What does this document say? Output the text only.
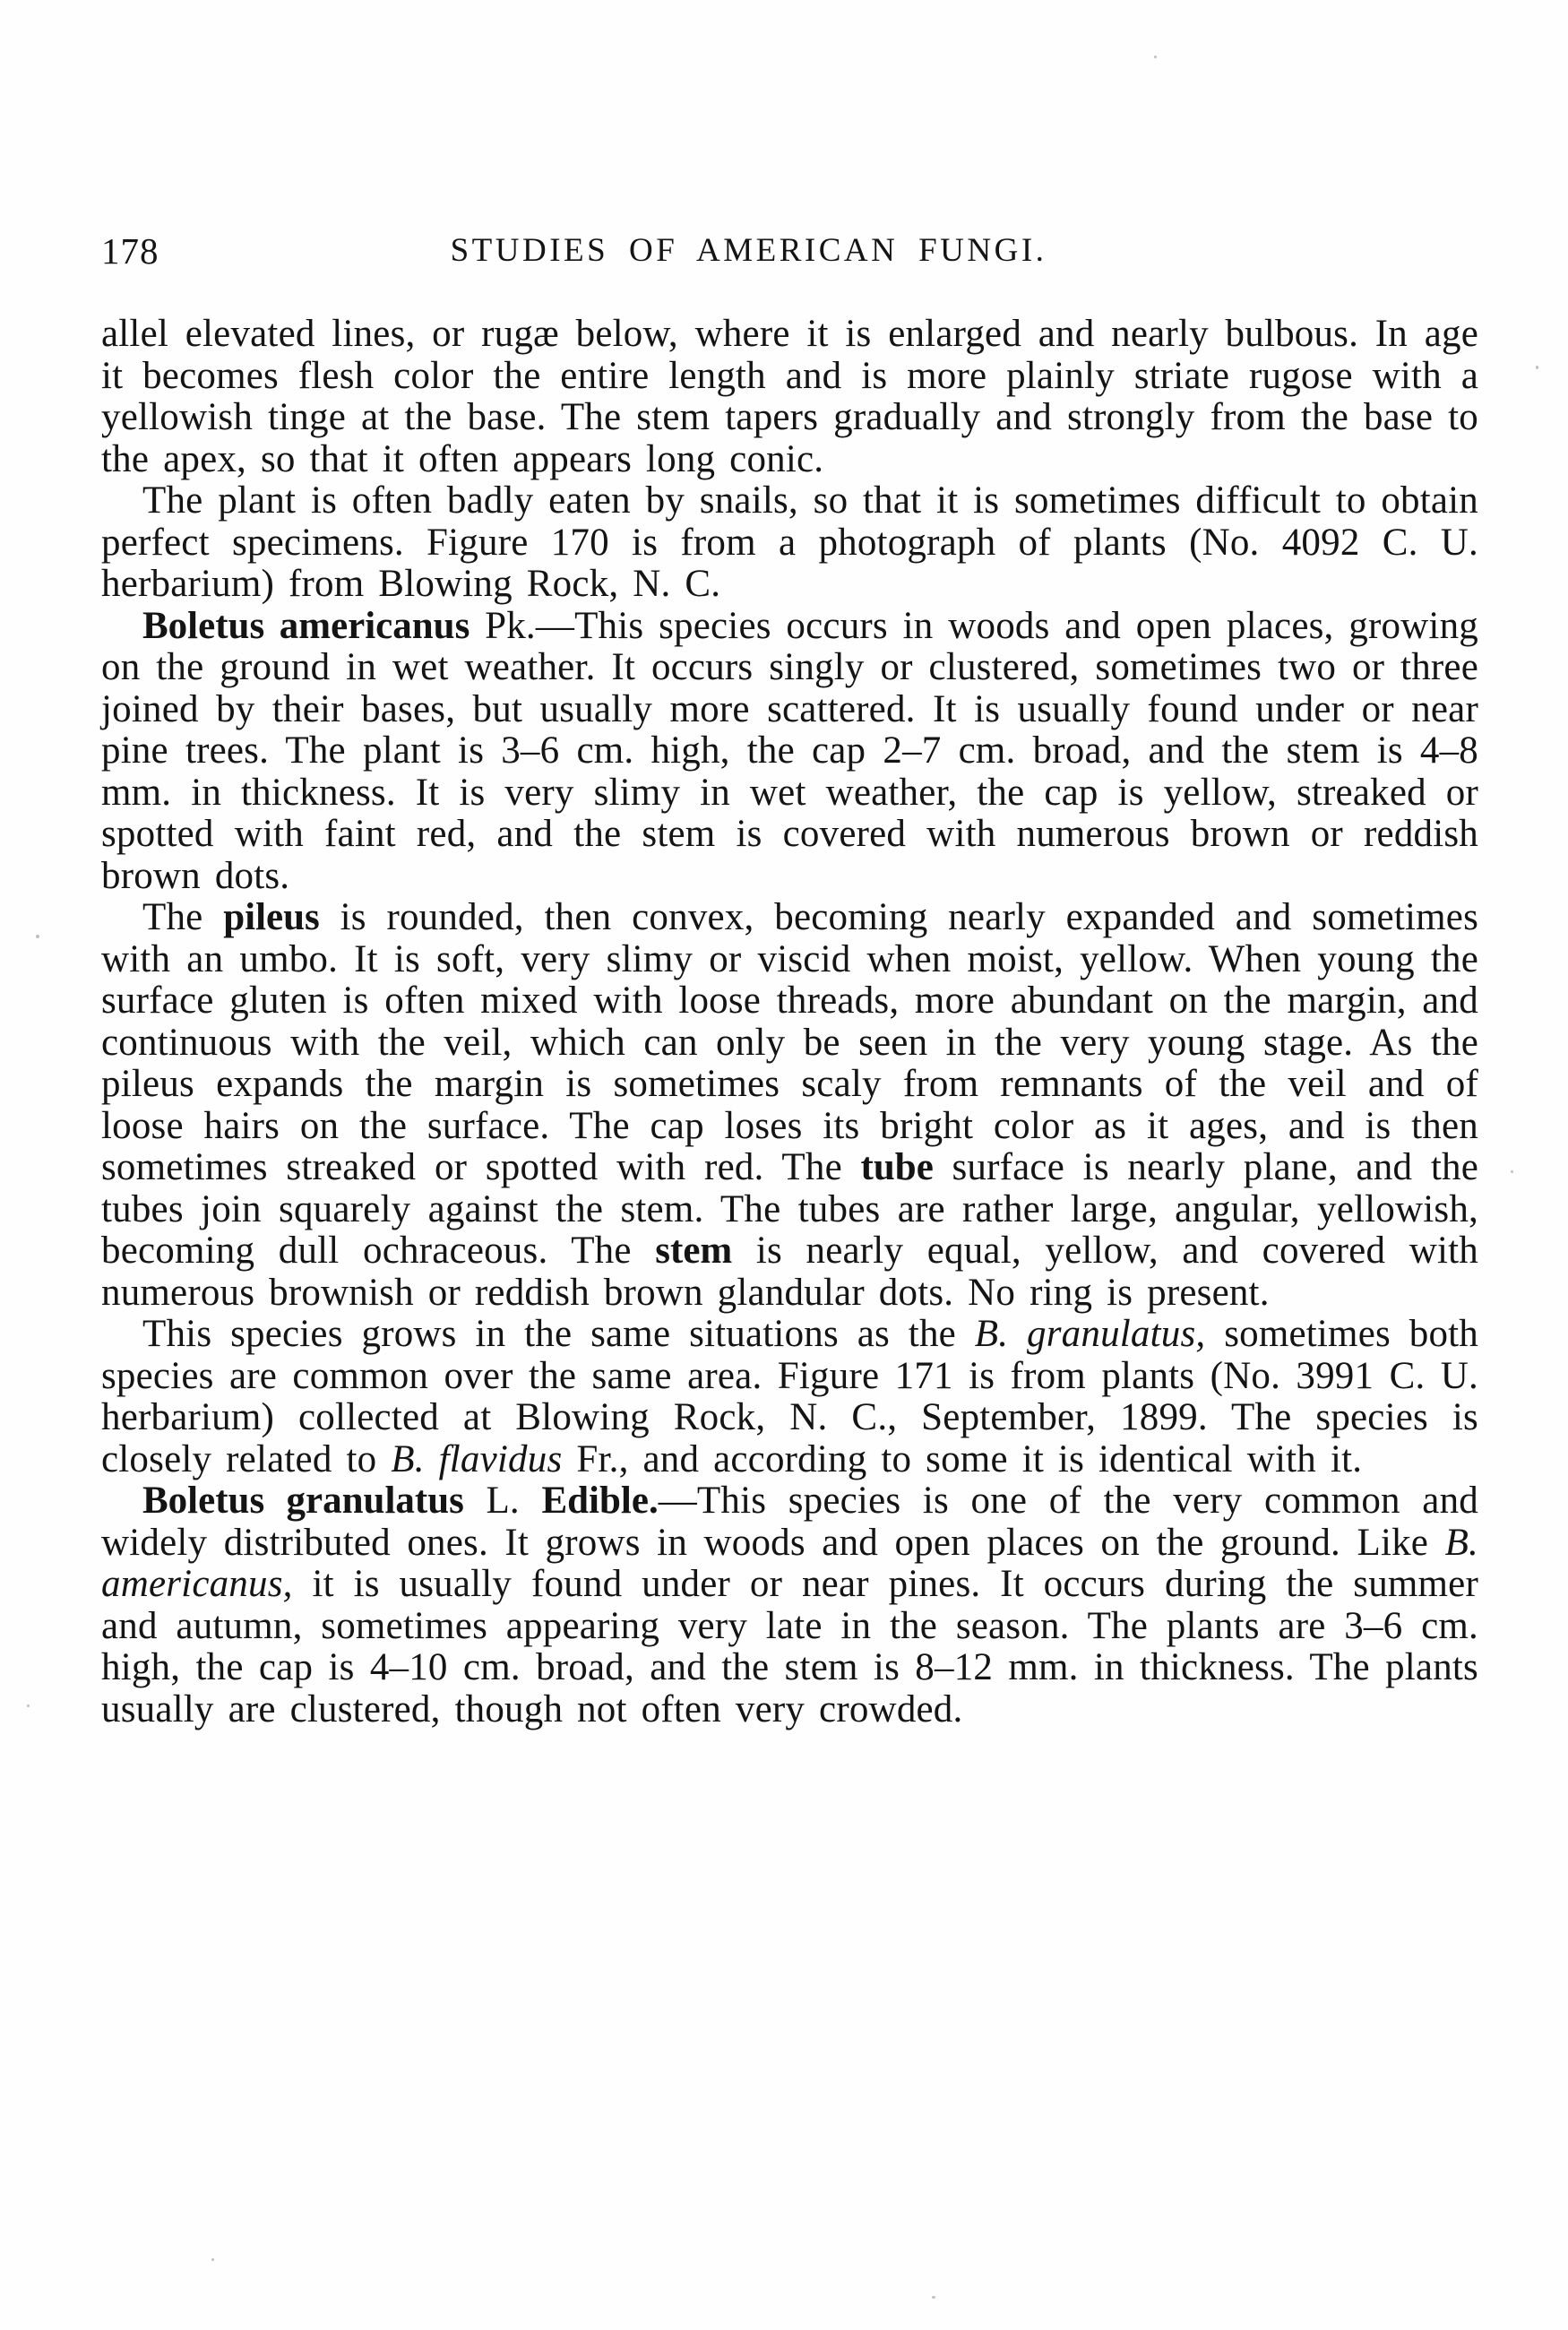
178	STUDIES OF AMERICAN FUNGI.

allel elevated lines, or rugæ below, where it is enlarged and nearly bulbous. In age it becomes flesh color the entire length and is more plainly striate rugose with a yellowish tinge at the base. The stem tapers gradually and strongly from the base to the apex, so that it often appears long conic.

The plant is often badly eaten by snails, so that it is sometimes difficult to obtain perfect specimens. Figure 170 is from a photograph of plants (No. 4092 C. U. herbarium) from Blowing Rock, N. C.

Boletus americanus Pk.—This species occurs in woods and open places, growing on the ground in wet weather. It occurs singly or clustered, sometimes two or three joined by their bases, but usually more scattered. It is usually found under or near pine trees. The plant is 3–6 cm. high, the cap 2–7 cm. broad, and the stem is 4–8 mm. in thickness. It is very slimy in wet weather, the cap is yellow, streaked or spotted with faint red, and the stem is covered with numerous brown or reddish brown dots.

The pileus is rounded, then convex, becoming nearly expanded and sometimes with an umbo. It is soft, very slimy or viscid when moist, yellow. When young the surface gluten is often mixed with loose threads, more abundant on the margin, and continuous with the veil, which can only be seen in the very young stage. As the pileus expands the margin is sometimes scaly from remnants of the veil and of loose hairs on the surface. The cap loses its bright color as it ages, and is then sometimes streaked or spotted with red. The tube surface is nearly plane, and the tubes join squarely against the stem. The tubes are rather large, angular, yellowish, becoming dull ochraceous. The stem is nearly equal, yellow, and covered with numerous brownish or reddish brown glandular dots. No ring is present.

This species grows in the same situations as the B. granulatus, sometimes both species are common over the same area. Figure 171 is from plants (No. 3991 C. U. herbarium) collected at Blowing Rock, N. C., September, 1899. The species is closely related to B. flavidus Fr., and according to some it is identical with it.

Boletus granulatus L. Edible.—This species is one of the very common and widely distributed ones. It grows in woods and open places on the ground. Like B. americanus, it is usually found under or near pines. It occurs during the summer and autumn, sometimes appearing very late in the season. The plants are 3–6 cm. high, the cap is 4–10 cm. broad, and the stem is 8–12 mm. in thickness. The plants usually are clustered, though not often very crowded.
